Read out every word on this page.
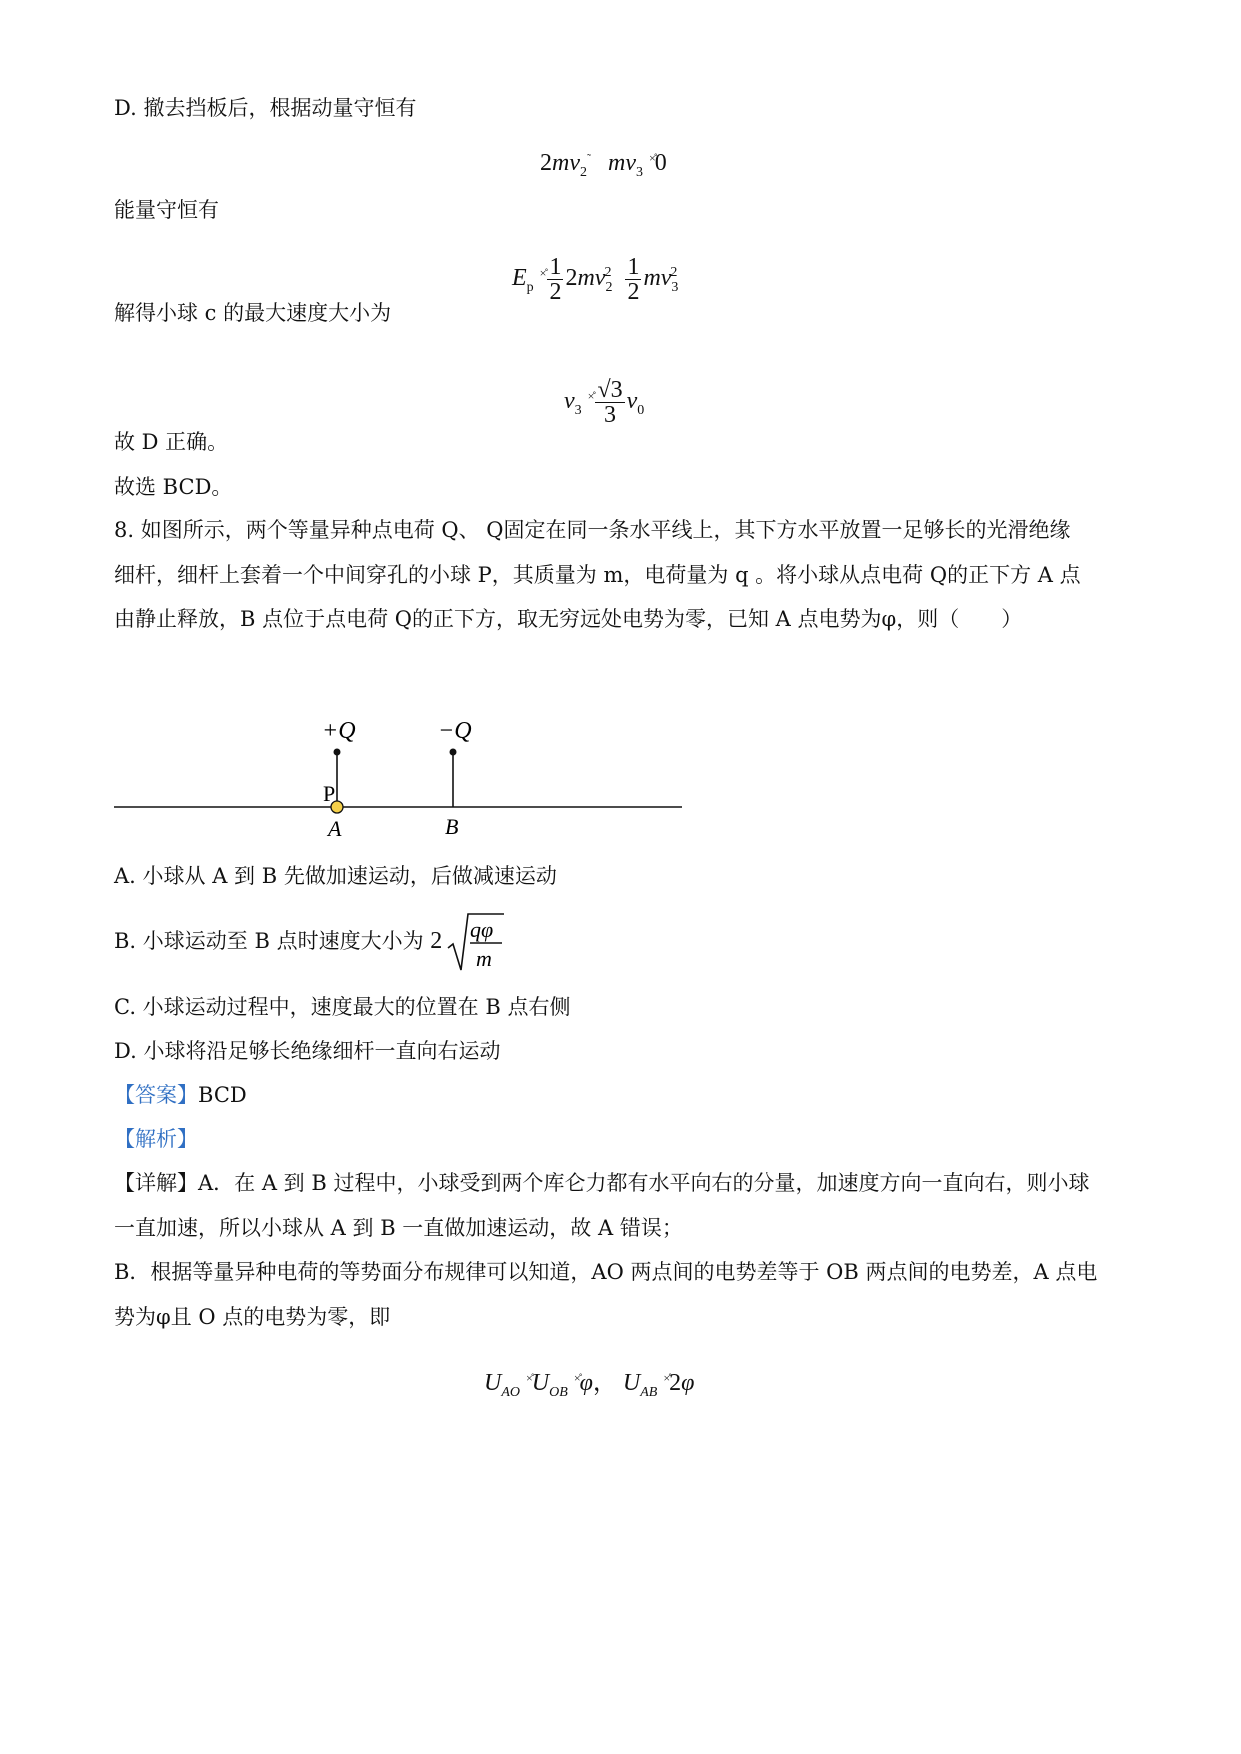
D. 撤去挡板后，根据动量守恒有
$2mv_2^˜$   $mv_3$ ×̊0
能量守恒有
$E_p$ $^{\times̊} \frac{1}{2} 2mv_2^2 \frac{1}{2} mv_3^2$
解得小球 c 的最大速度大小为
$v_3$ $^{\times̊} \frac{√3}{3} v_0$
故 D 正确。
故选 BCD。
8. 如图所示，两个等量异种点电荷 Q、 Q固定在同一条水平线上，其下方水平放置一足够长的光滑绝缘
细杆，细杆上套着一个中间穿孔的小球 P，其质量为 m，电荷量为 q 。将小球从点电荷 Q的正下方 A 点
由静止释放，B 点位于点电荷 Q的正下方，取无穷远处电势为零，已知 A 点电势为φ，则（　　）
+Q	−Q
P
A	B
A. 小球从 A 到 B 先做加速运动，后做减速运动
B. 小球运动至 B 点时速度大小为 2 qφ
m
C. 小球运动过程中，速度最大的位置在 B 点右侧
D. 小球将沿足够长绝缘细杆一直向右运动
【答案】BCD
【解析】
【详解】A．在 A 到 B 过程中，小球受到两个库仑力都有水平向右的分量，加速度方向一直向右，则小球
一直加速，所以小球从 A 到 B 一直做加速运动，故 A 错误；
B．根据等量异种电荷的等势面分布规律可以知道，AO 两点间的电势差等于 OB 两点间的电势差，A 点电
势为φ且 O 点的电势为零，即
$U_{AO}$ $^{\times̊}U_{OB}$ ×̊φ， $U_{AB}$ ×̊2φ
